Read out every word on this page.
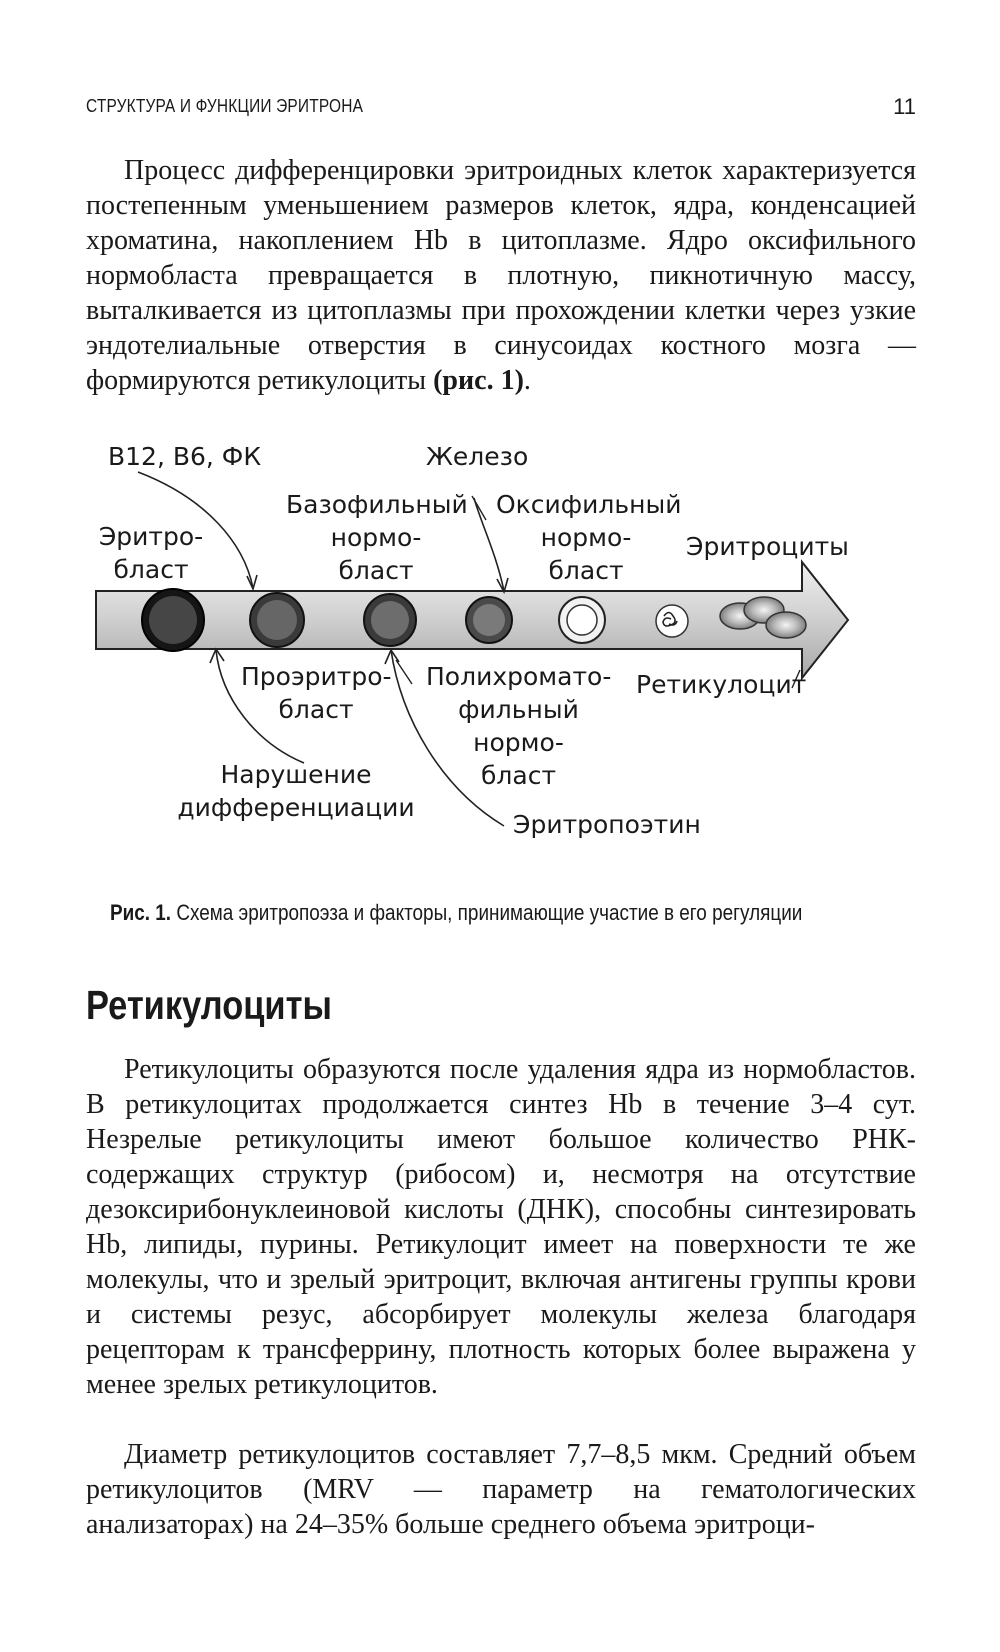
СТРУКТУРА И ФУНКЦИИ ЭРИТРОНА	11

Процесс дифференцировки эритроидных клеток характеризуется постепенным уменьшением размеров клеток, ядра, конденсацией хроматина, накоплением Hb в цитоплазме. Ядро оксифильного нормобласта превращается в плотную, пикнотичную массу, выталкивается из цитоплазмы при прохождении клетки через узкие эндотелиальные отверстия в синусоидах костного мозга — формируются ретикулоциты (рис. 1).

B12, B6, ФК	Железо
Эритро-
бласт
Базофильный
нормо-
бласт
Оксифильный
нормо-
бласт
Эритроциты
Проэритро-
бласт
Полихромато-
фильный
нормо-
бласт
Ретикулоцит
Нарушение
дифференциации
Эритропоэтин
Рис. 1. Схема эритропоэза и факторы, принимающие участие в его регуляции
Ретикулоциты

Ретикулоциты образуются после удаления ядра из нормобластов. В ретикулоцитах продолжается синтез Hb в течение 3–4 сут. Незрелые ретикулоциты имеют большое количество РНК-содержащих структур (рибосом) и, несмотря на отсутствие дезоксирибонуклеиновой кислоты (ДНК), способны синтезировать Hb, липиды, пурины. Ретикулоцит имеет на поверхности те же молекулы, что и зрелый эритроцит, включая антигены группы крови и системы резус, абсорбирует молекулы железа благодаря рецепторам к трансферрину, плотность которых более выражена у менее зрелых ретикулоцитов.

Диаметр ретикулоцитов составляет 7,7–8,5 мкм. Средний объем ретикулоцитов (MRV — параметр на гематологических анализаторах) на 24–35% больше среднего объема эритроци-
